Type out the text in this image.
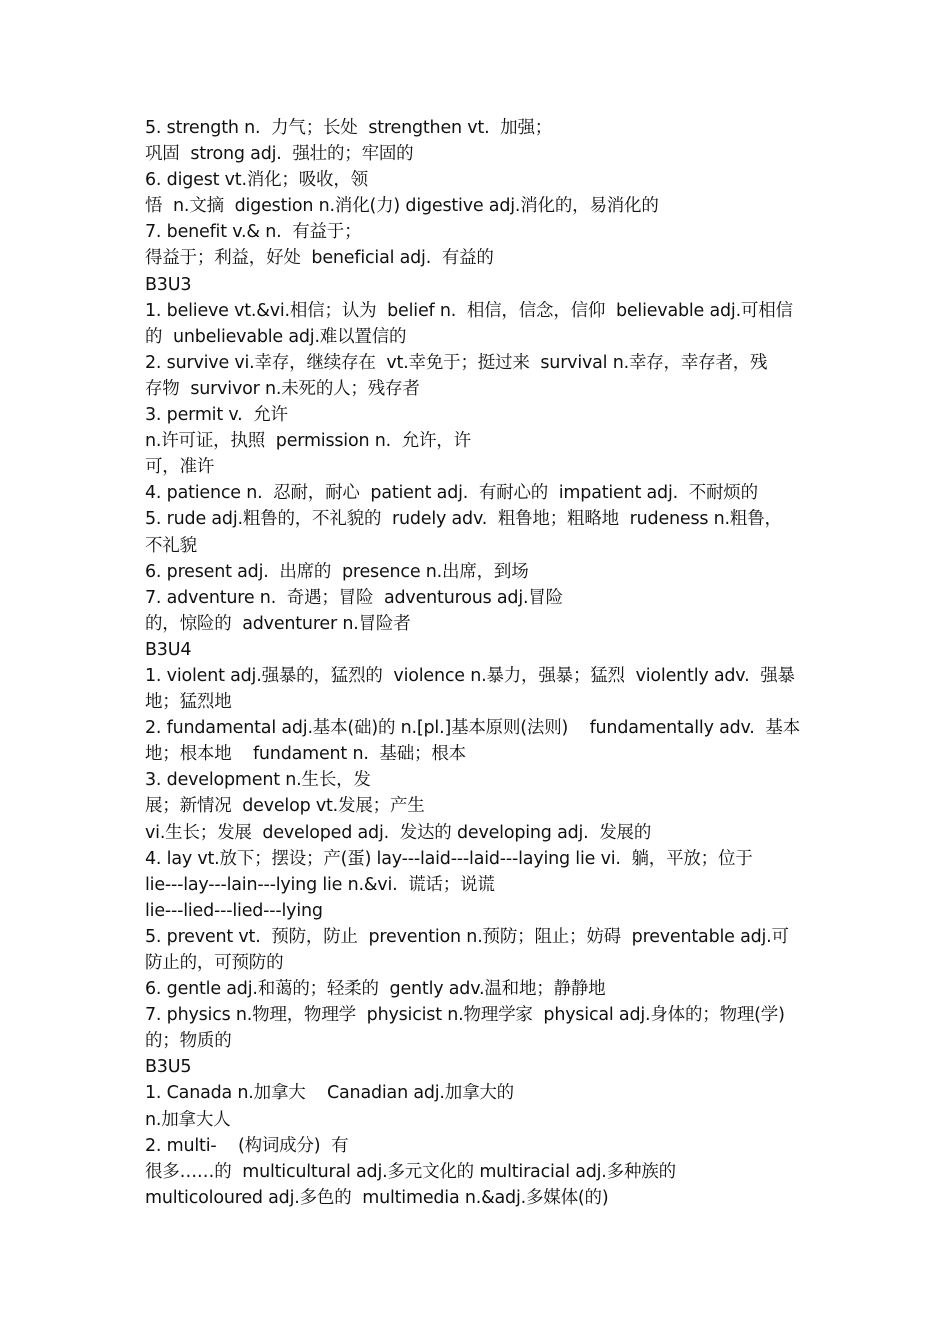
5. strength n.  力气；长处  strengthen vt.  加强；
巩固  strong adj.  强壮的；牢固的
6. digest vt.消化；吸收，领
悟  n.文摘  digestion n.消化(力) digestive adj.消化的，易消化的
7. benefit v.& n.  有益于；
得益于；利益，好处  beneficial adj.  有益的
B3U3
1. believe vt.&vi.相信；认为  belief n.  相信，信念，信仰  believable adj.可相信
的  unbelievable adj.难以置信的
2. survive vi.幸存，继续存在  vt.幸免于；挺过来  survival n.幸存，幸存者，残
存物  survivor n.未死的人；残存者
3. permit v.  允许
n.许可证，执照  permission n.  允许，许
可，准许
4. patience n.  忍耐，耐心  patient adj.  有耐心的  impatient adj.  不耐烦的
5. rude adj.粗鲁的，不礼貌的  rudely adv.  粗鲁地；粗略地  rudeness n.粗鲁，
不礼貌
6. present adj.  出席的  presence n.出席，到场
7. adventure n.  奇遇；冒险  adventurous adj.冒险
的，惊险的  adventurer n.冒险者
B3U4
1. violent adj.强暴的，猛烈的  violence n.暴力，强暴；猛烈  violently adv.  强暴
地；猛烈地
2. fundamental adj.基本(础)的 n.[pl.]基本原则(法则)    fundamentally adv.  基本
地；根本地    fundament n.  基础；根本
3. development n.生长，发
展；新情况  develop vt.发展；产生
vi.生长；发展  developed adj.  发达的 developing adj.  发展的
4. lay vt.放下；摆设；产(蛋) lay---laid---laid---laying lie vi.  躺，平放；位于
lie---lay---lain---lying lie n.&vi.  谎话；说谎
lie---lied---lied---lying
5. prevent vt.  预防，防止  prevention n.预防；阻止；妨碍  preventable adj.可
防止的，可预防的
6. gentle adj.和蔼的；轻柔的  gently adv.温和地；静静地
7. physics n.物理，物理学  physicist n.物理学家  physical adj.身体的；物理(学)
的；物质的
B3U5
1. Canada n.加拿大    Canadian adj.加拿大的
n.加拿大人
2. multi-    (构词成分)  有
很多……的  multicultural adj.多元文化的 multiracial adj.多种族的
multicoloured adj.多色的  multimedia n.&adj.多媒体(的)
